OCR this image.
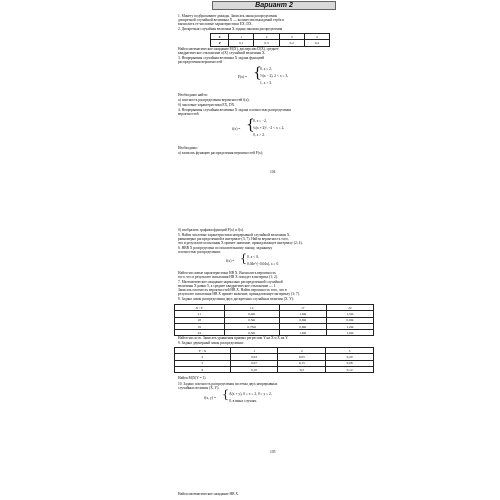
Вариант 2
1. Монету подбрасывают дважды. Записать закон распределения
дискретной случайной величины X — количества выпадений герба и
вычислить ее числовые характеристики ЕХ, DX.
2. Дискретная случайная величина X задана законом распределения
X	1	2	3	4
P	0,1	0,3	0,2	0,4
Найти математическое ожидание M(X), дисперсию D(X), среднее
квадратическое отклонение σ(X) случайной величины X.
3. Непрерывная случайная величина X задана функцией
распределения вероятностей
F(x) = {
0, x ≤ 2,
½(x − 2), 2 < x ≤ 3,
1, x > 3.
Необходимо найти:
а) плотность распределения вероятностей f(x);
б) числовые характеристики ЕХ, DX.
4. Непрерывная случайная величина X задана плотностью распределения
вероятностей
f(x) = {
0, x ≤ −2,
¼(x + 2)², −2 < x ≤ 2,
0, x > 2.
Необходимо:
а) записать функцию распределения вероятностей F(x);
104
б) изобразить графики функций F(x) и f(x).
5. Найти числовые характеристики непрерывной случайной величины X,
равномерно распределенной в интервале (3; 7). Найти вероятность того,
что в результате испытания X примет значение, принадлежащее интервалу (2; 4).
6. НВВ X распределена по показательному закону, заданному
плотностью распределения:
f(x) = { 0, x < 0,
0,04e^(−0,04x), x ≥ 0.
Найти числовые характеристики НВ X. Вычислить вероятность
того, что в результате испытания НВ X попадет в интервал (1; 2).
7. Математическое ожидание нормально распределенной случайной
величины X равно 5, а среднее квадратическое отклонение — 1.
Записать плотность вероятностей НВ X. Найти вероятность того, что в
результате испытания НВ X примет значение, принадлежащее интервалу (3; 7).
8. Задано закон распределения двух дискретных случайных величин (X, Y):
X \ Y	12	17	22
11	0,4m	1,6m	1,5m
18	0,5m	0,8m	0,9m
19	0,75m	0,8m	1,2m
24	0,5m	1,6m	1,6m
Найти число m. Записать уравнения прямых регрессии Y на X и X на Y.
9. Задано двумерный закон распределения:
Y \ X	1	2	3
2	0,03	0,05	0,20
5	0,07	0,15	0,08
6	0,10	0,2	0,12
Найти M(X|Y = 1).
10. Задано плотность распределения системы двух непрерывных
случайных величин (X, Y):
f(x, y) = { A(x + y), 0 ≤ x ≤ 2, 0 ≤ y ≤ 2,
0, в иных случаях.
105
Найти математическое ожидание НВ X.
